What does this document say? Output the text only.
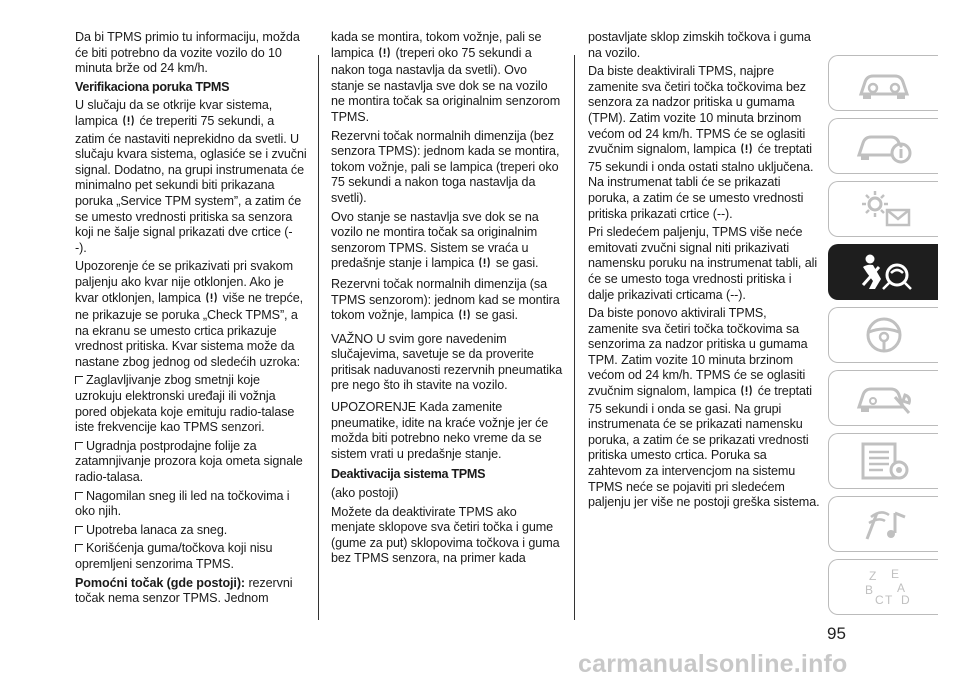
Da bi TPMS primio tu informaciju, možda će biti potrebno da vozite vozilo do 10 minuta brže od 24 km/h.

Verifikaciona poruka TPMS

U slučaju da se otkrije kvar sistema, lampica će treperiti 75 sekundi, a zatim će nastaviti neprekidno da svetli. U slučaju kvara sistema, oglasiće se i zvučni signal. Dodatno, na grupi instrumenata će minimalno pet sekundi biti prikazana poruka „Service TPM system”, a zatim će se umesto vrednosti pritiska sa senzora koji ne šalje signal prikazati dve crtice (- -).

Upozorenje će se prikazivati pri svakom paljenju ako kvar nije otklonjen. Ako je kvar otklonjen, lampica više ne trepće, ne prikazuje se poruka „Check TPMS”, a na ekranu se umesto crtica prikazuje vrednost pritiska. Kvar sistema može da nastane zbog jednog od sledećih uzroka:

Zaglavljivanje zbog smetnji koje uzrokuju elektronski uređaji ili vožnja pored objekata koje emituju radio-talase iste frekvencije kao TPMS senzori.

Ugradnja postprodajne folije za zatamnjivanje prozora koja ometa signale radio-talasa.

Nagomilan sneg ili led na točkovima i oko njih.

Upotreba lanaca za sneg.

Korišćenja guma/točkova koji nisu opremljeni senzorima TPMS.

Pomoćni točak (gde postoji): rezervni točak nema senzor TPMS. Jednom

kada se montira, tokom vožnje, pali se lampica (treperi oko 75 sekundi a nakon toga nastavlja da svetli). Ovo stanje se nastavlja sve dok se na vozilo ne montira točak sa originalnim senzorom TPMS.

Rezervni točak normalnih dimenzija (bez senzora TPMS): jednom kada se montira, tokom vožnje, pali se lampica (treperi oko 75 sekundi a nakon toga nastavlja da svetli).

Ovo stanje se nastavlja sve dok se na vozilo ne montira točak sa originalnim senzorom TPMS. Sistem se vraća u predašnje stanje i lampica se gasi.

Rezervni točak normalnih dimenzija (sa TPMS senzorom): jednom kad se montira tokom vožnje, lampica se gasi.

VAŽNO U svim gore navedenim slučajevima, savetuje se da proverite pritisak naduvanosti rezervnih pneumatika pre nego što ih stavite na vozilo.

UPOZORENJE Kada zamenite pneumatike, idite na kraće vožnje jer će možda biti potrebno neko vreme da se sistem vrati u predašnje stanje.

Deaktivacija sistema TPMS

(ako postoji)

Možete da deaktivirate TPMS ako menjate sklopove sva četiri točka i gume (gume za put) sklopovima točkova i guma bez TPMS senzora, na primer kada

postavljate sklop zimskih točkova i guma na vozilo.

Da biste deaktivirali TPMS, najpre zamenite sva četiri točka točkovima bez senzora za nadzor pritiska u gumama (TPM). Zatim vozite 10 minuta brzinom većom od 24 km/h. TPMS će se oglasiti zvučnim signalom, lampica će treptati 75 sekundi i onda ostati stalno uključena. Na instrumenat tabli će se prikazati poruka, a zatim će se umesto vrednosti pritiska prikazati crtice (--).

Pri sledećem paljenju, TPMS više neće emitovati zvučni signal niti prikazivati namensku poruku na instrumenat tabli, ali će se umesto toga vrednosti pritiska i dalje prikazivati crticama (--).

Da biste ponovo aktivirali TPMS, zamenite sva četiri točka točkovima sa senzorima za nadzor pritiska u gumama TPM. Zatim vozite 10 minuta brzinom većom od 24 km/h. TPMS će se oglasiti zvučnim signalom, lampica će treptati 75 sekundi i onda se gasi. Na grupi instrumenata će se prikazati namensku poruka, a zatim će se prikazati vrednosti pritiska umesto crtica. Poruka sa zahtevom za intervencjom na sistemu TPMS neće se pojaviti pri sledećem paljenju jer više ne postoji greška sistema.

Z E
B A
C T D
95
carmanualsonline.info
